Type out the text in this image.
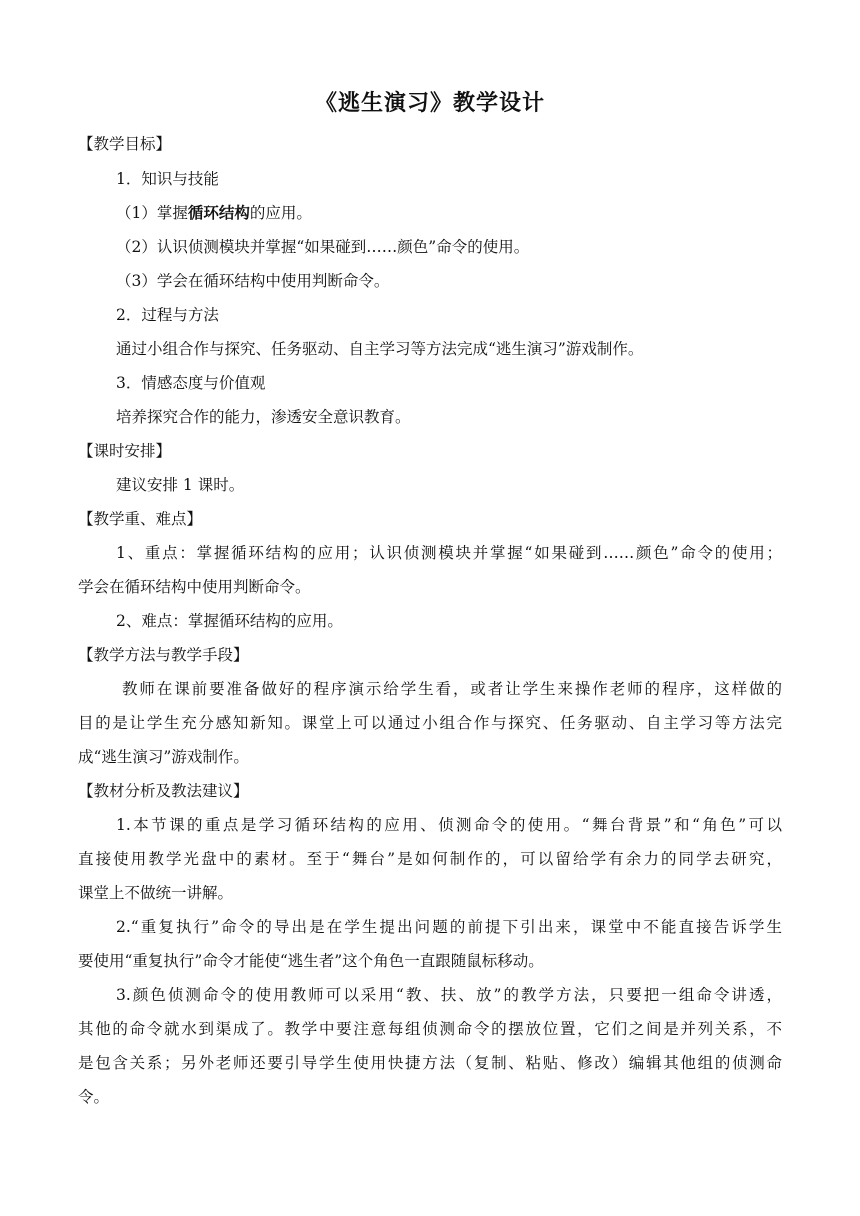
《逃生演习》教学设计
【教学目标】
1．知识与技能
（1）掌握循环结构的应用。
（2）认识侦测模块并掌握“如果碰到……颜色”命令的使用。
（3）学会在循环结构中使用判断命令。
2．过程与方法
通过小组合作与探究、任务驱动、自主学习等方法完成“逃生演习”游戏制作。
3．情感态度与价值观
培养探究合作的能力，渗透安全意识教育。
【课时安排】
建议安排 1 课时。
【教学重、难点】
1、重点：掌握循环结构的应用；认识侦测模块并掌握“如果碰到……颜色”命令的使用；
学会在循环结构中使用判断命令。
2、难点：掌握循环结构的应用。
【教学方法与教学手段】
教师在课前要准备做好的程序演示给学生看，或者让学生来操作老师的程序，这样做的
目的是让学生充分感知新知。课堂上可以通过小组合作与探究、任务驱动、自主学习等方法完
成“逃生演习”游戏制作。
【教材分析及教法建议】
1.本节课的重点是学习循环结构的应用、侦测命令的使用。“舞台背景”和“角色”可以
直接使用教学光盘中的素材。至于“舞台”是如何制作的，可以留给学有余力的同学去研究，
课堂上不做统一讲解。
2.“重复执行”命令的导出是在学生提出问题的前提下引出来，课堂中不能直接告诉学生
要使用“重复执行”命令才能使“逃生者”这个角色一直跟随鼠标移动。
3.颜色侦测命令的使用教师可以采用“教、扶、放”的教学方法，只要把一组命令讲透，
其他的命令就水到渠成了。教学中要注意每组侦测命令的摆放位置，它们之间是并列关系，不
是包含关系；另外老师还要引导学生使用快捷方法（复制、粘贴、修改）编辑其他组的侦测命
令。
